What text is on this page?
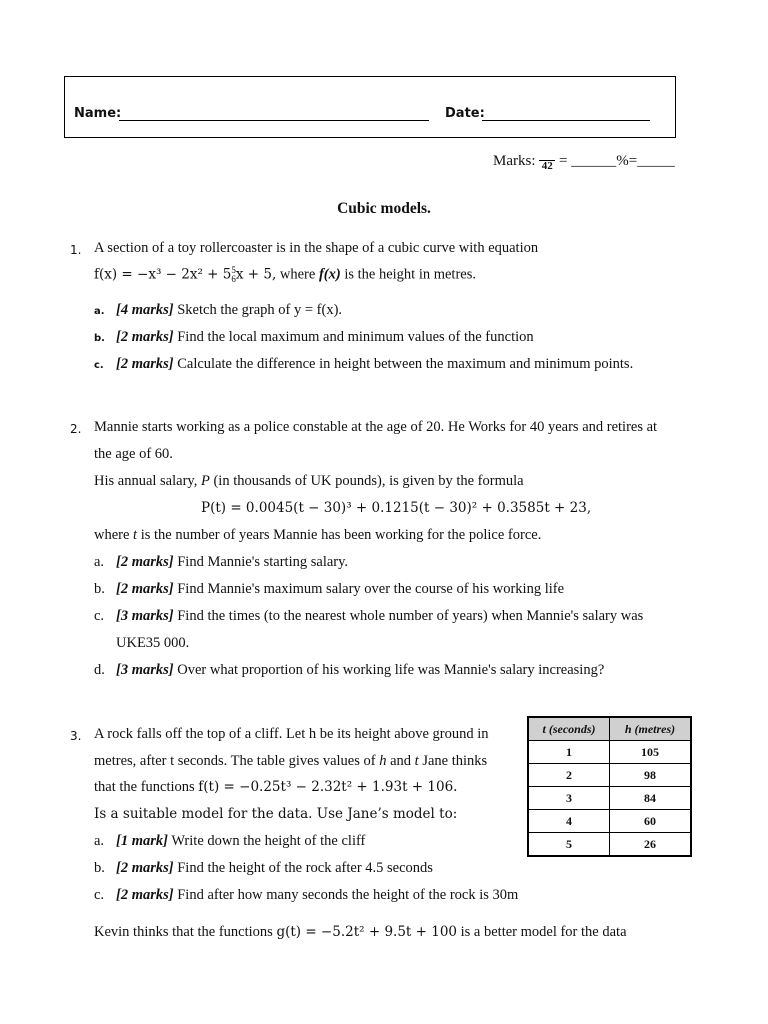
Name:	Date:
Marks: 42 = ______%=_____
Cubic models.
1. A section of a toy rollercoaster is in the shape of a cubic curve with equation
f(x) = −x³ − 2x² + 5 5
6 x + 5, where f(x) is the height in metres.
a. [4 marks] Sketch the graph of y = f(x).
b. [2 marks] Find the local maximum and minimum values of the function
c. [2 marks] Calculate the difference in height between the maximum and minimum points.
2. Mannie starts working as a police constable at the age of 20. He Works for 40 years and retires at
the age of 60.
His annual salary, P (in thousands of UK pounds), is given by the formula
P(t) = 0.0045(t − 30)³ + 0.1215(t − 30)² + 0.3585t + 23,
where t is the number of years Mannie has been working for the police force.
a. [2 marks] Find Mannie's starting salary.
b. [2 marks] Find Mannie's maximum salary over the course of his working life
c. [3 marks] Find the times (to the nearest whole number of years) when Mannie's salary was
UKE35 000.
d. [3 marks] Over what proportion of his working life was Mannie's salary increasing?
3. A rock falls off the top of a cliff. Let h be its height above ground in
metres, after t seconds. The table gives values of h and t Jane thinks
that the functions f(t) = −0.25t³ − 2.32t² + 1.93t + 106.
Is a suitable model for the data. Use Jane’s model to:
a. [1 mark] Write down the height of the cliff
b. [2 marks] Find the height of the rock after 4.5 seconds
c. [2 marks] Find after how many seconds the height of the rock is 30m
Kevin thinks that the functions g(t) = −5.2t² + 9.5t + 100 is a better model for the data
t (seconds)	h (metres)
1	105
2	98
3	84
4	60
5	26
